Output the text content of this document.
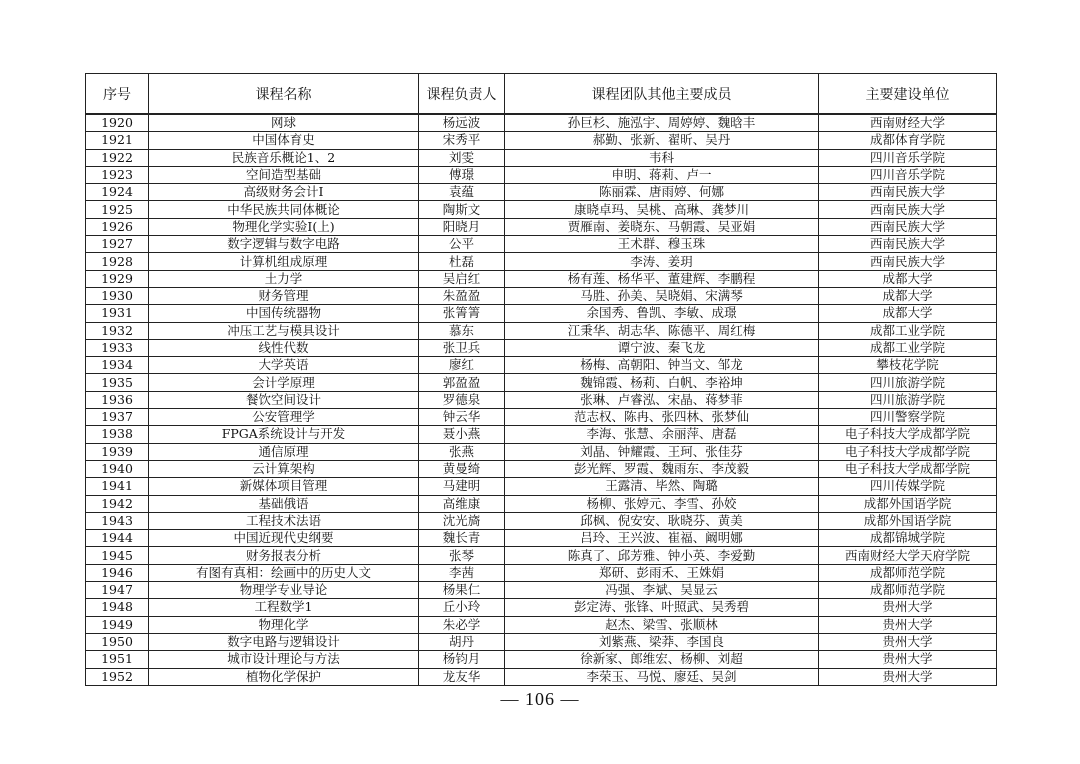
序号	课程名称	课程负责人	课程团队其他主要成员	主要建设单位
1920	网球	杨远波	孙巨杉、施泓宇、周婷婷、魏晗丰	西南财经大学
1921	中国体育史	宋秀平	郝勤、张新、翟昕、吴丹	成都体育学院
1922	民族音乐概论1、2	刘雯	韦科	四川音乐学院
1923	空间造型基础	傅璟	申明、蒋莉、卢一	四川音乐学院
1924	高级财务会计I	袁蕴	陈丽霖、唐雨婷、何娜	西南民族大学
1925	中华民族共同体概论	陶斯文	康晓卓玛、吴桃、高琳、龚梦川	西南民族大学
1926	物理化学实验I(上)	阳晓月	贾雁南、姜晓东、马朝霞、吴亚娟	西南民族大学
1927	数字逻辑与数字电路	公平	王术群、穆玉珠	西南民族大学
1928	计算机组成原理	杜磊	李涛、姜玥	西南民族大学
1929	土力学	吴启红	杨有莲、杨华平、董建辉、李鹏程	成都大学
1930	财务管理	朱盈盈	马胜、孙美、吴晓娟、宋满琴	成都大学
1931	中国传统器物	张箐箐	余国秀、鲁凯、李敏、成璟	成都大学
1932	冲压工艺与模具设计	慕东	江秉华、胡志华、陈德平、周红梅	成都工业学院
1933	线性代数	张卫兵	谭宁波、秦飞龙	成都工业学院
1934	大学英语	廖红	杨梅、高朝阳、钟当文、邹龙	攀枝花学院
1935	会计学原理	郭盈盈	魏锦霞、杨莉、白帆、李裕坤	四川旅游学院
1936	餐饮空间设计	罗德泉	张琳、卢睿泓、宋晶、蒋梦菲	四川旅游学院
1937	公安管理学	钟云华	范志权、陈冉、张四林、张梦仙	四川警察学院
1938	FPGA系统设计与开发	聂小燕	李海、张慧、余丽萍、唐磊	电子科技大学成都学院
1939	通信原理	张燕	刘晶、钟耀霞、王珂、张佳芬	电子科技大学成都学院
1940	云计算架构	黄曼绮	彭光辉、罗霞、魏雨东、李茂毅	电子科技大学成都学院
1941	新媒体项目管理	马建明	王露清、毕然、陶璐	四川传媒学院
1942	基础俄语	高维康	杨柳、张婷元、李雪、孙姣	成都外国语学院
1943	工程技术法语	沈光旖	邱枫、倪安安、耿晓芬、黄美	成都外国语学院
1944	中国近现代史纲要	魏长青	吕玲、王兴波、崔福、阚明娜	成都锦城学院
1945	财务报表分析	张琴	陈真了、邱芳雅、钟小英、李爱勤	西南财经大学天府学院
1946	有图有真相：绘画中的历史人文	李茜	郑研、彭雨禾、王姝娟	成都师范学院
1947	物理学专业导论	杨果仁	冯强、李斌、吴显云	成都师范学院
1948	工程数学1	丘小玲	彭定涛、张锋、叶照武、吴秀碧	贵州大学
1949	物理化学	朱必学	赵杰、梁雪、张顺林	贵州大学
1950	数字电路与逻辑设计	胡丹	刘紫燕、梁莽、李国良	贵州大学
1951	城市设计理论与方法	杨钧月	徐新家、郎维宏、杨柳、刘超	贵州大学
1952	植物化学保护	龙友华	李荣玉、马悦、廖廷、吴剑	贵州大学
— 106 —
